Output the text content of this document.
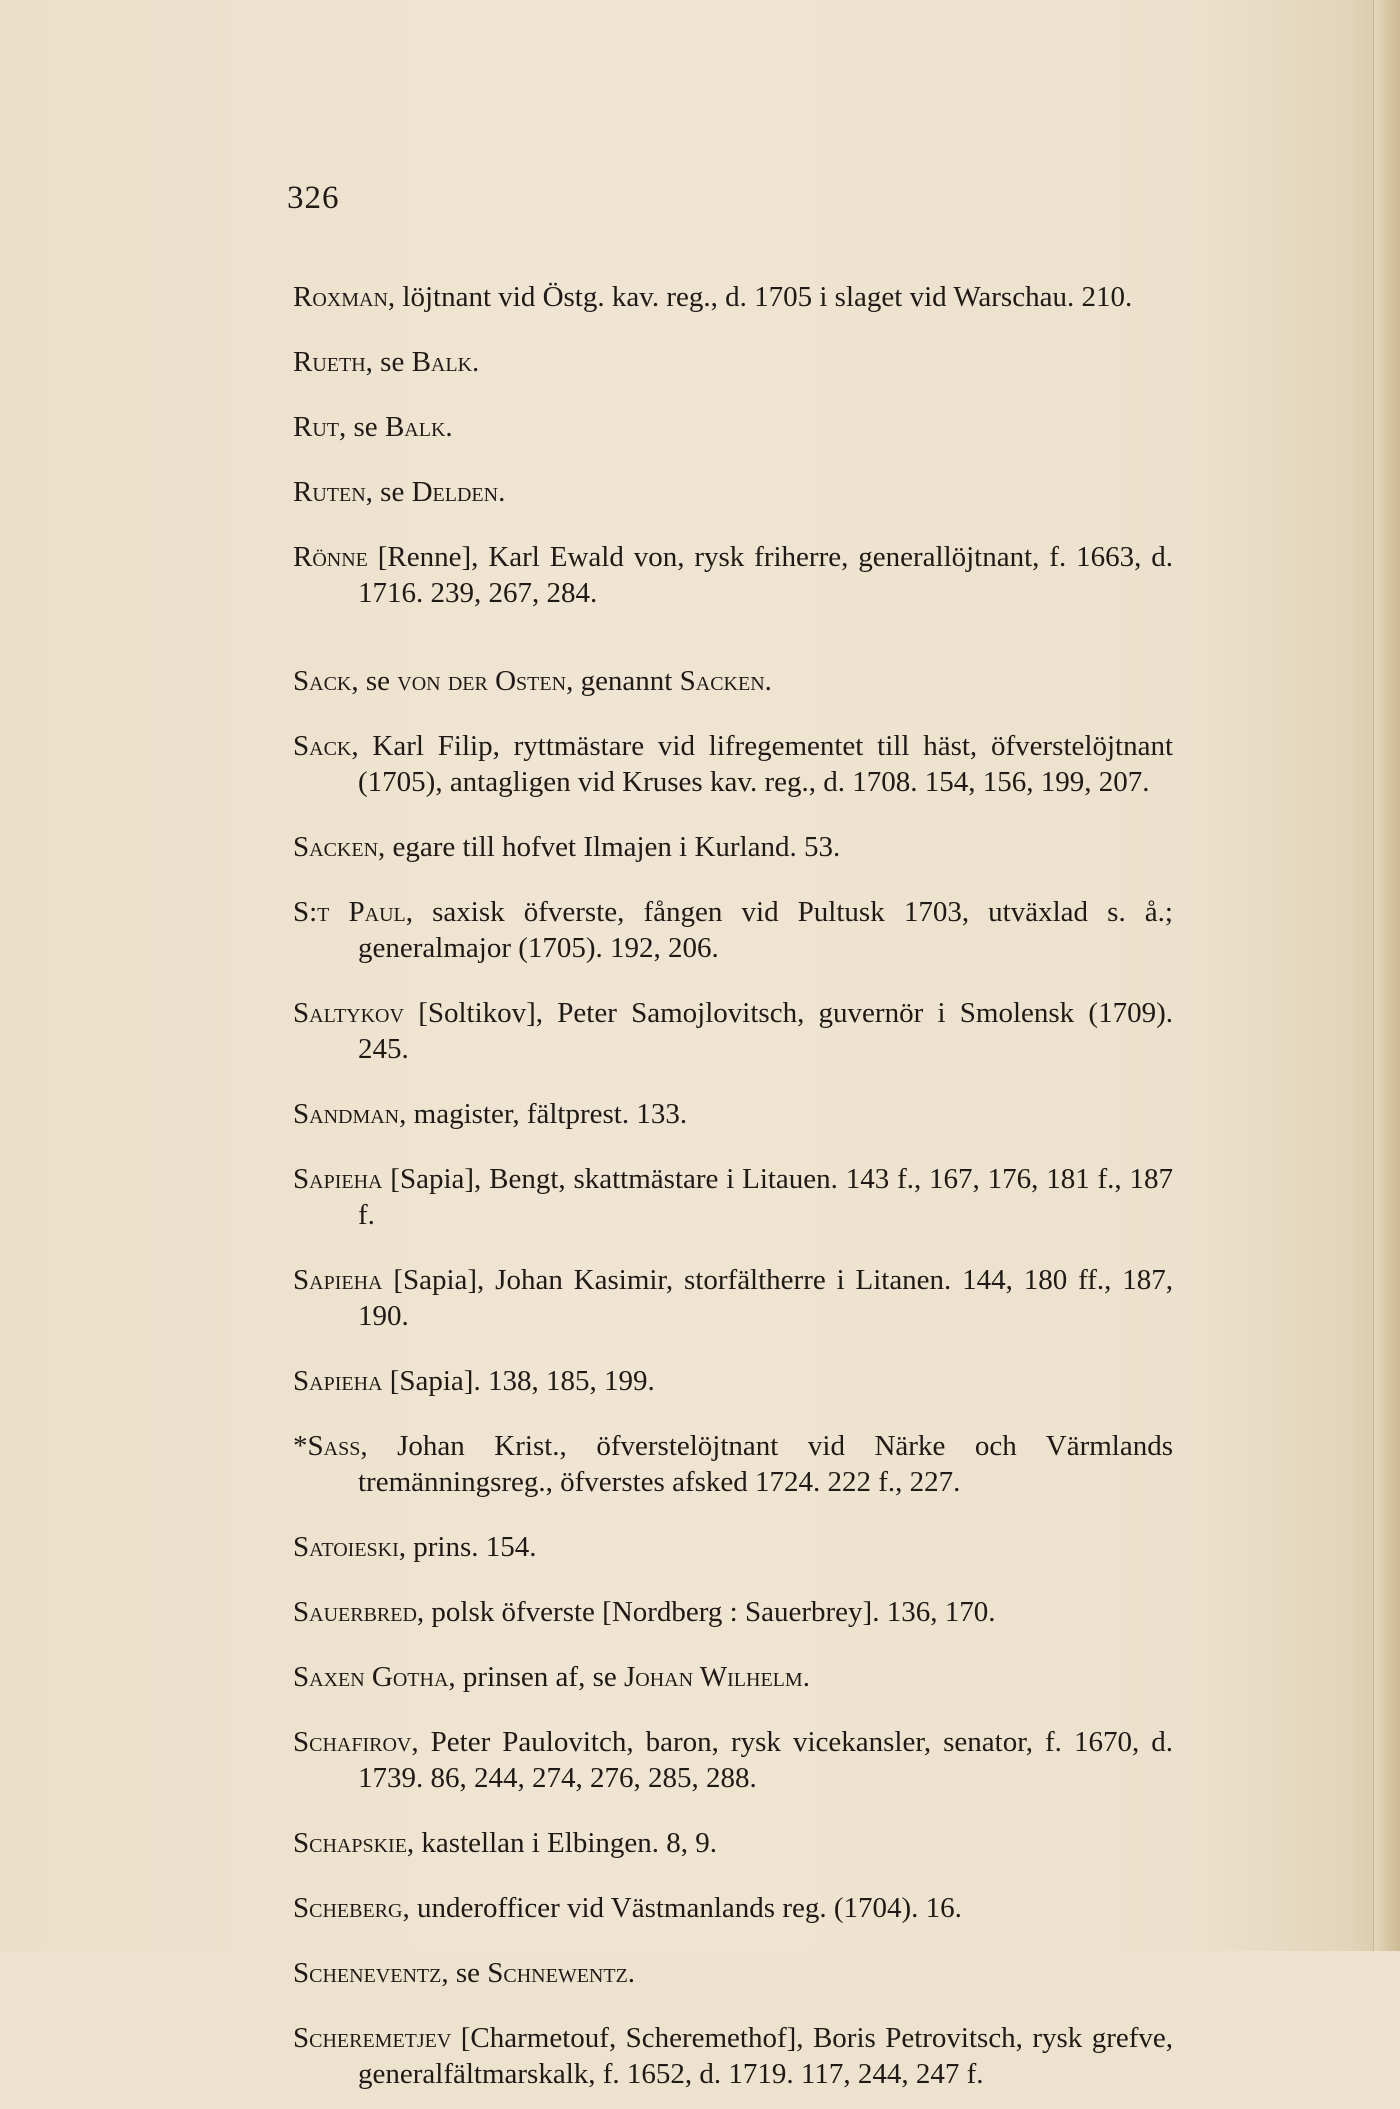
326

Roxman, löjtnant vid Östg. kav. reg., d. 1705 i slaget vid Warschau. 210.

Rueth, se Balk.

Rut, se Balk.

Ruten, se Delden.

Rönne [Renne], Karl Ewald von, rysk friherre, generallöjtnant, f. 1663, d. 1716. 239, 267, 284.

Sack, se von der Osten, genannt Sacken.

Sack, Karl Filip, ryttmästare vid lifregementet till häst, öfverstelöjtnant (1705), antagligen vid Kruses kav. reg., d. 1708. 154, 156, 199, 207.

Sacken, egare till hofvet Ilmajen i Kurland. 53.

S:t Paul, saxisk öfverste, fången vid Pultusk 1703, utväxlad s. å.; generalmajor (1705). 192, 206.

Saltykov [Soltikov], Peter Samojlovitsch, guvernör i Smolensk (1709). 245.

Sandman, magister, fältprest. 133.

Sapieha [Sapia], Bengt, skattmästare i Litauen. 143 f., 167, 176, 181 f., 187 f.

Sapieha [Sapia], Johan Kasimir, storfältherre i Litanen. 144, 180 ff., 187, 190.

Sapieha [Sapia]. 138, 185, 199.

*Sass, Johan Krist., öfverstelöjtnant vid Närke och Värmlands tremänningsreg., öfverstes afsked 1724. 222 f., 227.

Satoieski, prins. 154.

Sauerbred, polsk öfverste [Nordberg : Sauerbrey]. 136, 170.

Saxen Gotha, prinsen af, se Johan Wilhelm.

Schafirov, Peter Paulovitch, baron, rysk vicekansler, senator, f. 1670, d. 1739. 86, 244, 274, 276, 285, 288.

Schapskie, kastellan i Elbingen. 8, 9.

Scheberg, underofficer vid Västmanlands reg. (1704). 16.

Scheneventz, se Schnewentz.

Scheremetjev [Charmetouf, Scheremethof], Boris Petrovitsch, rysk grefve, generalfältmarskalk, f. 1652, d. 1719. 117, 244, 247 f.
